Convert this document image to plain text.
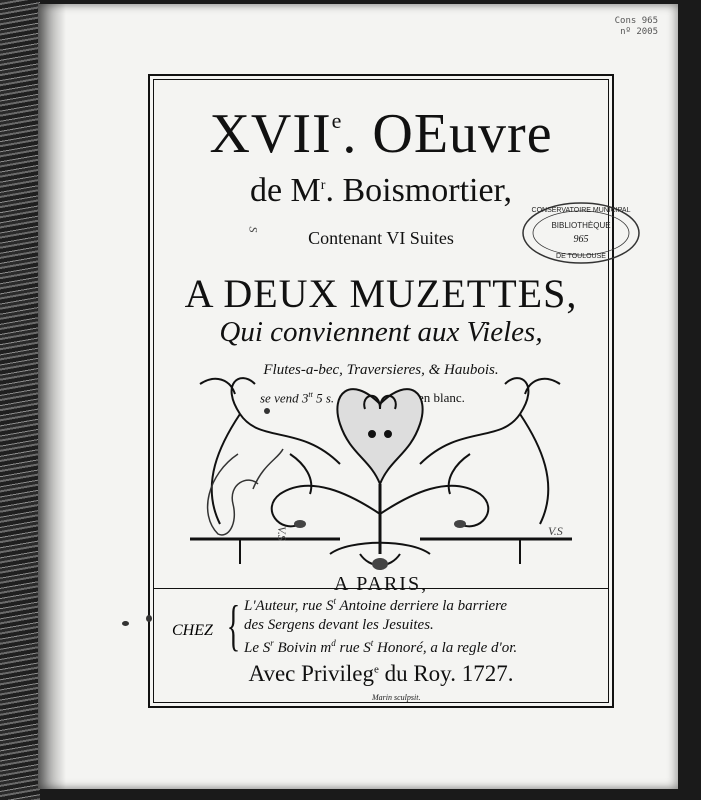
Cons 965
nº 2005
XVIIe. OEuvre
de $M^r$. Boismortier,
Contenant VI Suites
A DEUX MUZETTES,
Qui conviennent aux Vieles,
Flutes-a-bec, Traversieres, & Haubois.
se vend $3^{tt}$ 5 s.	en blanc.
A PARIS,
CHEZ { L'Auteur, rue $S^t$ Antoine derriere la barriere
des Sergens devant les Jesuites.
Le $S^r$ Boivin $m^d$ rue $S^t$ Honoré, a la regle d'or.
Avec Privileg$^e$ du Roy. 1727.
Marin sculpsit.
CONSERVATOIRE MUNICIPAL
BIBLIOTHÈQUE
965
DE TOULOUSE
S
V.S	V.S
